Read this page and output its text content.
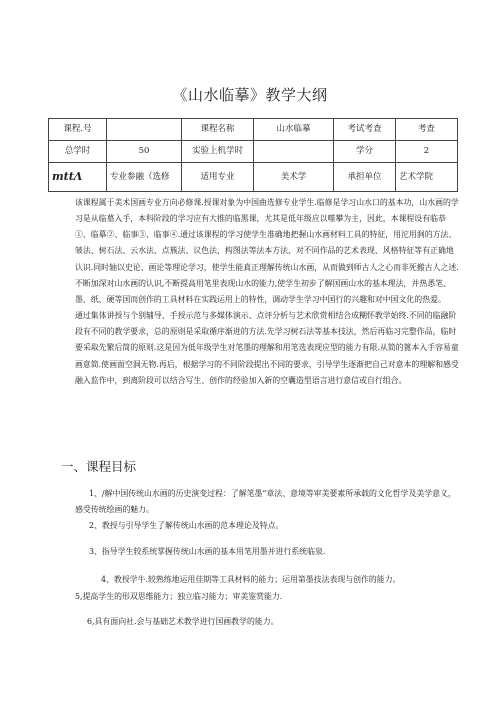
《山水临摹》教学大纲
课程.号		课程名称	山水临摹	考试考查	考查
总学时	50	实验上机学时		学分	2
mttΛ	专业参融（选修	适用专业	美术学	承担单位	艺术学院

该课程属于美术国画专业方向必修课.授课对象为中国曲选修专业学生.临修是学习山水口的基本功，山水画的学习是从临墓入手，本科阶段的学习应有大推的临黑课，尤其是低年级应以噬攀为主，因此，本课程设有临恭①、临摹②、临事③、临事④.通过该课程的学习使学生准确地把握山水画材料工具的特征，用沱用涧的方法、皱法、树石法、云水法、点簇法、议色法，构图法等法本方法，对不同作品的艺术表现、风格特征等有正确地认识.同时轴以史论、画论等理论学习，使学生能真正理解传统山水画，从而做到师古人之心而非死搬古人之述.不断加深对山水画的认识,不断提高用笔里表现山水的能力,使学生初步了解国画山水的基本理法，并热悉笔、墨、纸、硬等国而创作的工具材料在实践运用上的特性，调动学生学习中国行的兴趣和对中国文化的热爱。

通过集体讲授与个别辅导、手授示范与多媒体演示、点评分析与艺术欣赏相结合成糊怀教学始终.不同的临融阶段有不同的教学要求，总的原则是采取循序渐进的方法.先学习树石法等基本技法，然后再临习完整作品，临时要采取先繁后简的原则.这是因为低年级学生对笔墨的理解和用笔选表现应型的能力有限.从简的篦本入手容易童画意简.使画面空洞无物.再后，根据学习的不同阶段提出不同的要求，引导学生逐渐把自己对意本的理解和感受融入监作中，到离阶段可以结合写生、创作的经验加入新的空囊造型语言进行意信或自行组合。

一、课程目标
1、/解中国传统山水画的历史演变过程：了解笔墨”章法、意境等审美要素所承载的文化哲学及美学意义，感受传统绘画的魅力。
2、教授与引导学生了解传统山水画的范本理论及特点。
3、指导学生较系统掌握传统山水画的基本用笔用墨并进行系统临泉.
4、教授学牛.较熟练地运用佳期等工具材料的能力；运用第墨技法表现与创作的能力。
5,提高学生的形双思维能力；独立临习能力；审美鉴赏能力.
6,具有面向社.会与基础艺术教学进行国画教学的能力。
